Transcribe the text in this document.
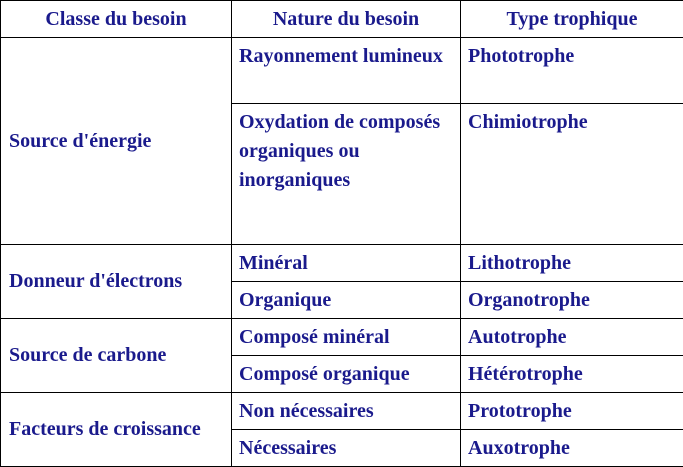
Classe du besoin	Nature du besoin	Type trophique
Source d'énergie	Rayonnement lumineux	Phototrophe
	Oxydation de composés organiques ou inorganiques	Chimiotrophe
Donneur d'électrons	Minéral	Lithotrophe
	Organique	Organotrophe
Source de carbone	Composé minéral	Autotrophe
	Composé organique	Hétérotrophe
Facteurs de croissance	Non nécessaires	Prototrophe
	Nécessaires	Auxotrophe
